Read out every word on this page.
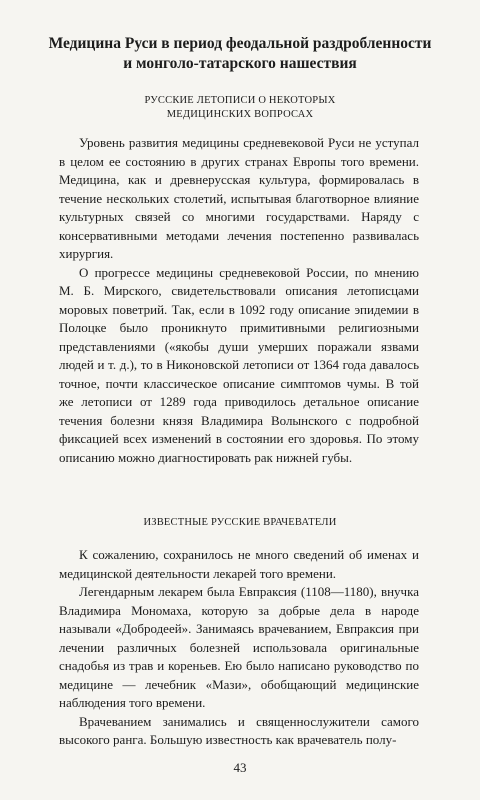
Медицина Руси в период феодальной раздробленности
и монголо-татарского нашествия
РУССКИЕ ЛЕТОПИСИ О НЕКОТОРЫХ
МЕДИЦИНСКИХ ВОПРОСАХ

Уровень развития медицины средневековой Руси не уступал в целом ее состоянию в других странах Европы того времени. Медицина, как и древнерусская культура, формировалась в течение нескольких столетий, испытывая благотворное влияние культурных связей со многими государствами. Наряду с консервативными методами лечения постепенно развивалась хирургия.

О прогрессе медицины средневековой России, по мнению М. Б. Мирского, свидетельствовали описания летописцами моровых поветрий. Так, если в 1092 году описание эпидемии в Полоцке было проникнуто примитивными религиозными представлениями («якобы души умерших поражали язвами людей и т. д.), то в Никоновской летописи от 1364 года давалось точное, почти классическое описание симптомов чумы. В той же летописи от 1289 года приводилось детальное описание течения болезни князя Владимира Волынского с подробной фиксацией всех изменений в состоянии его здоровья. По этому описанию можно диагностировать рак нижней губы.

ИЗВЕСТНЫЕ РУССКИЕ ВРАЧЕВАТЕЛИ

К сожалению, сохранилось не много сведений об именах и медицинской деятельности лекарей того времени.

Легендарным лекарем была Евпраксия (1108—1180), внучка Владимира Мономаха, которую за добрые дела в народе называли «Добродеей». Занимаясь врачеванием, Евпраксия при лечении различных болезней использовала оригинальные снадобья из трав и кореньев. Ею было написано руководство по медицине — лечебник «Мази», обобщающий медицинские наблюдения того времени.

Врачеванием занимались и священнослужители самого высокого ранга. Большую известность как врачеватель полу-

43
